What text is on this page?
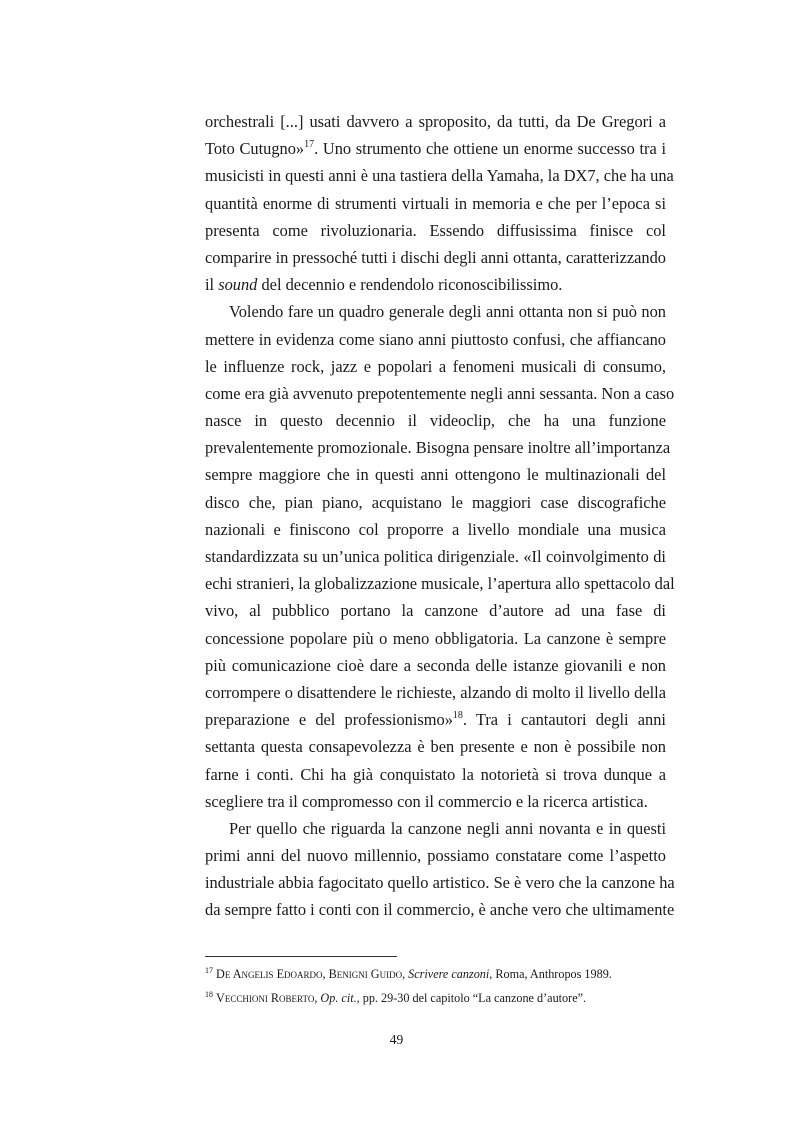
orchestrali [...] usati davvero a sproposito, da tutti, da De Gregori a
Toto Cutugno»$^{17}$. Uno strumento che ottiene un enorme successo tra i
musicisti in questi anni è una tastiera della Yamaha, la DX7, che ha una
quantità enorme di strumenti virtuali in memoria e che per l’epoca si
presenta come rivoluzionaria. Essendo diffusissima finisce col
comparire in pressoché tutti i dischi degli anni ottanta, caratterizzando
il sound del decennio e rendendolo riconoscibilissimo.
Volendo fare un quadro generale degli anni ottanta non si può non
mettere in evidenza come siano anni piuttosto confusi, che affiancano
le influenze rock, jazz e popolari a fenomeni musicali di consumo,
come era già avvenuto prepotentemente negli anni sessanta. Non a caso
nasce in questo decennio il videoclip, che ha una funzione
prevalentemente promozionale. Bisogna pensare inoltre all’importanza
sempre maggiore che in questi anni ottengono le multinazionali del
disco che, pian piano, acquistano le maggiori case discografiche
nazionali e finiscono col proporre a livello mondiale una musica
standardizzata su un’unica politica dirigenziale. «Il coinvolgimento di
echi stranieri, la globalizzazione musicale, l’apertura allo spettacolo dal
vivo, al pubblico portano la canzone d’autore ad una fase di
concessione popolare più o meno obbligatoria. La canzone è sempre
più comunicazione cioè dare a seconda delle istanze giovanili e non
corrompere o disattendere le richieste, alzando di molto il livello della
preparazione e del professionismo»$^{18}$. Tra i cantautori degli anni
settanta questa consapevolezza è ben presente e non è possibile non
farne i conti. Chi ha già conquistato la notorietà si trova dunque a
scegliere tra il compromesso con il commercio e la ricerca artistica.
Per quello che riguarda la canzone negli anni novanta e in questi
primi anni del nuovo millennio, possiamo constatare come l’aspetto
industriale abbia fagocitato quello artistico. Se è vero che la canzone ha
da sempre fatto i conti con il commercio, è anche vero che ultimamente

$^{17}$ De Angelis Edoardo, Benigni Guido, Scrivere canzoni, Roma, Anthropos 1989.

$^{18}$ Vecchioni Roberto, Op. cit., pp. 29-30 del capitolo “La canzone d’autore”.

49
